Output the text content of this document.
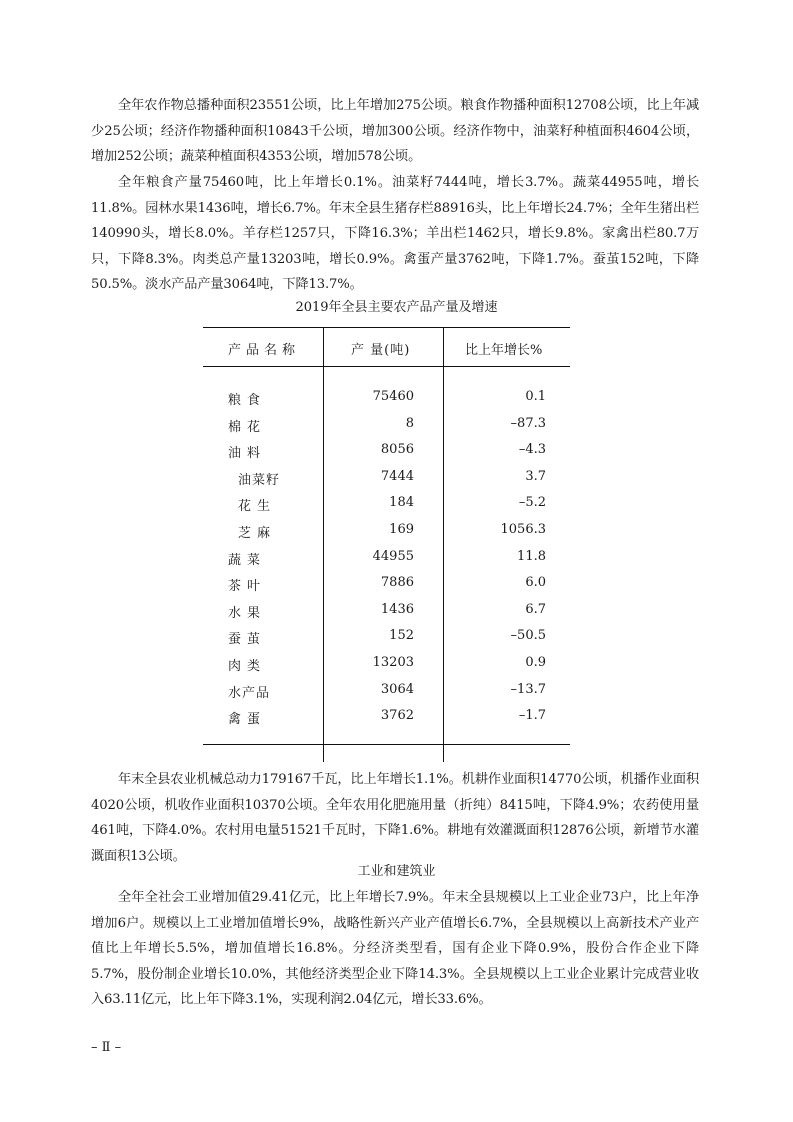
全年农作物总播种面积23551公顷，比上年增加275公顷。粮食作物播种面积12708公顷，比上年减少25公顷；经济作物播种面积10843千公顷，增加300公顷。经济作物中，油菜籽种植面积4604公顷，增加252公顷；蔬菜种植面积4353公顷，增加578公顷。

全年粮食产量75460吨，比上年增长0.1%。油菜籽7444吨，增长3.7%。蔬菜44955吨，增长11.8%。园林水果1436吨，增长6.7%。年末全县生猪存栏88916头，比上年增长24.7%；全年生猪出栏140990头，增长8.0%。羊存栏1257只，下降16.3%；羊出栏1462只，增长9.8%。家禽出栏80.7万只，下降8.3%。肉类总产量13203吨，增长0.9%。禽蛋产量3762吨，下降1.7%。蚕茧152吨，下降50.5%。淡水产品产量3064吨，下降13.7%。

2019年全县主要农产品产量及增速
产品名称	产 量(吨)	比上年增长%
粮食	75460	0.1
棉花	8	–87.3
油料	8056	–4.3
油菜籽	7444	3.7
花生	184	–5.2
芝麻	169	1056.3
蔬菜	44955	11.8
茶叶	7886	6.0
水果	1436	6.7
蚕茧	152	–50.5
肉类	13203	0.9
水产品	3064	–13.7
禽蛋	3762	–1.7

年末全县农业机械总动力179167千瓦，比上年增长1.1%。机耕作业面积14770公顷，机播作业面积4020公顷，机收作业面积10370公顷。全年农用化肥施用量（折纯）8415吨，下降4.9%；农药使用量461吨，下降4.0%。农村用电量51521千瓦时，下降1.6%。耕地有效灌溉面积12876公顷，新增节水灌溉面积13公顷。

工业和建筑业

全年全社会工业增加值29.41亿元，比上年增长7.9%。年末全县规模以上工业企业73户，比上年净增加6户。规模以上工业增加值增长9%，战略性新兴产业产值增长6.7%，全县规模以上高新技术产业产值比上年增长5.5%，增加值增长16.8%。分经济类型看，国有企业下降0.9%，股份合作企业下降5.7%，股份制企业增长10.0%，其他经济类型企业下降14.3%。全县规模以上工业企业累计完成营业收入63.11亿元，比上年下降3.1%，实现利润2.04亿元，增长33.6%。

– Ⅱ –
